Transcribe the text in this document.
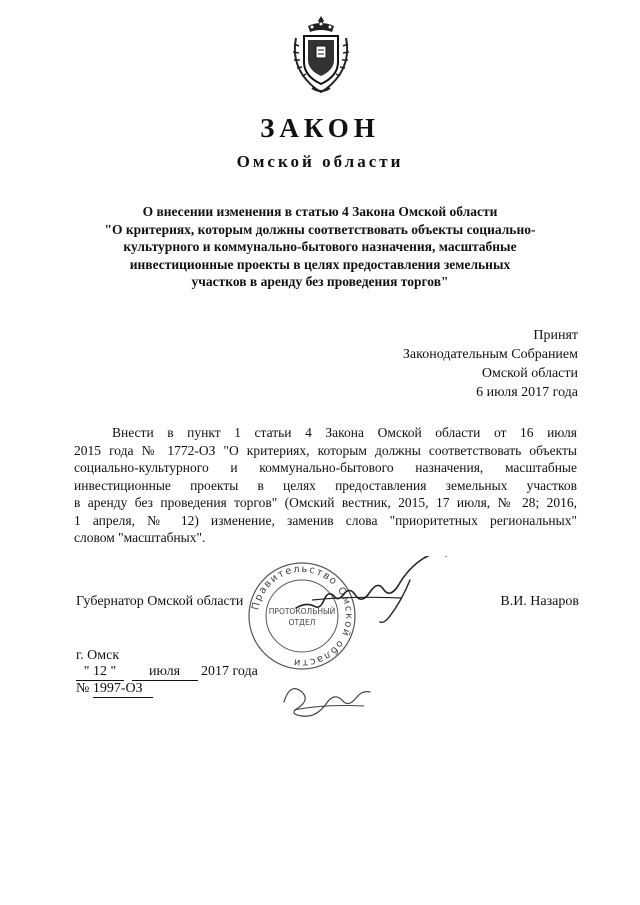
ЗАКОН
Омской области
О внесении изменения в статью 4 Закона Омской области
"О критериях, которым должны соответствовать объекты социально-
культурного и коммунально-бытового назначения, масштабные
инвестиционные проекты в целях предоставления земельных
участков в аренду без проведения торгов"
Принят
Законодательным Собранием
Омской области
6 июля 2017 года
Внести в пункт 1 статьи 4 Закона Омской области от 16 июля
2015 года № 1772-ОЗ "О критериях, которым должны соответствовать объекты
социально-культурного и коммунально-бытового назначения, масштабные
инвестиционные проекты в целях предоставления земельных участков
в аренду без проведения торгов" (Омский вестник, 2015, 17 июля, № 28; 2016,
1 апреля, № 12) изменение, заменив слова "приоритетных региональных"
словом "масштабных".
Правительство Омской области
ПРОТОКОЛЬНЫЙ
ОТДЕЛ
Губернатор Омской области	В.И. Назаров
г. Омск
" 12 " июля 2017 года
№ 1997-ОЗ
